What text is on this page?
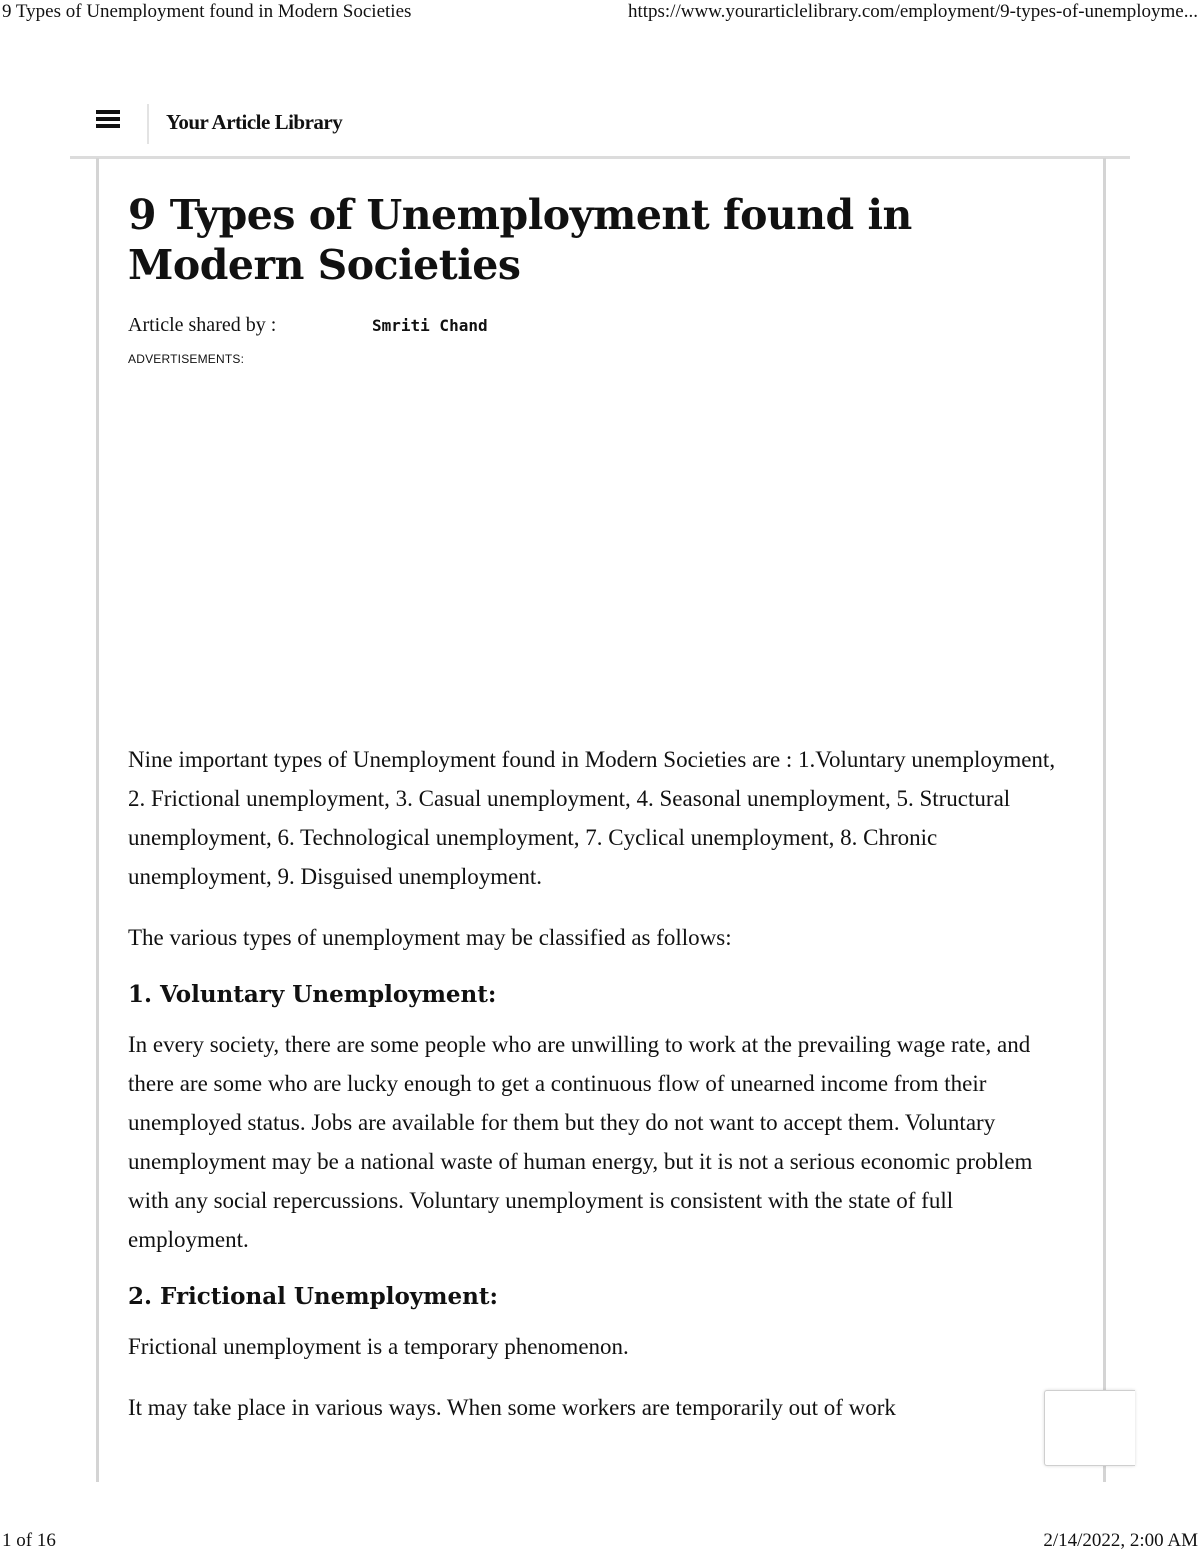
9 Types of Unemployment found in Modern Societies	https://www.yourarticlelibrary.com/employment/9-types-of-unemployme...
Your Article Library
9 Types of Unemployment found in Modern Societies
Article shared by :	Smriti Chand
ADVERTISEMENTS:

Nine important types of Unemployment found in Modern Societies are : 1.Voluntary unemployment, 2. Frictional unemployment, 3. Casual unemployment, 4. Seasonal unemployment, 5. Structural unemployment, 6. Technological unemployment, 7. Cyclical unemployment, 8. Chronic unemployment, 9. Disguised unemployment.

The various types of unemployment may be classified as follows:

1. Voluntary Unemployment:

In every society, there are some people who are unwilling to work at the prevailing wage rate, and there are some who are lucky enough to get a continuous flow of unearned income from their unemployed status. Jobs are available for them but they do not want to accept them. Voluntary unemployment may be a national waste of human energy, but it is not a serious economic problem with any social repercussions. Voluntary unemployment is consistent with the state of full employment.

2. Frictional Unemployment:

Frictional unemployment is a temporary phenomenon.

It may take place in various ways. When some workers are temporarily out of work

1 of 16	2/14/2022, 2:00 AM
